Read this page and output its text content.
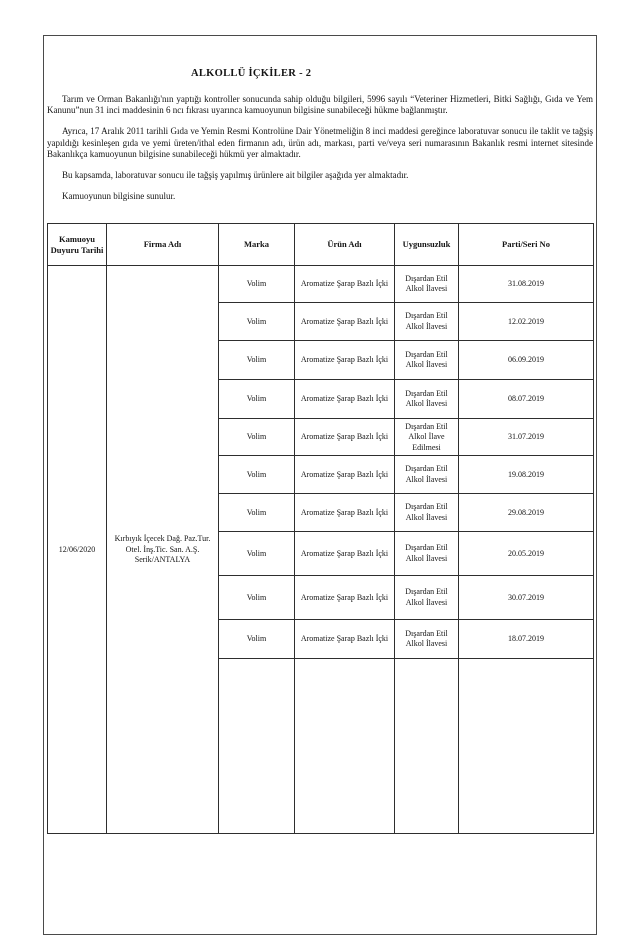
ALKOLLÜ İÇKİLER - 2

Tarım ve Orman Bakanlığı'nın yaptığı kontroller sonucunda sahip olduğu bilgileri, 5996 sayılı “Veteriner Hizmetleri, Bitki Sağlığı, Gıda ve Yem Kanunu”nun 31 inci maddesinin 6 ncı fıkrası uyarınca kamuoyunun bilgisine sunabileceği hükme bağlanmıştır.

Ayrıca, 17 Aralık 2011 tarihli Gıda ve Yemin Resmi Kontrolüne Dair Yönetmeliğin 8 inci maddesi gereğince laboratuvar sonucu ile taklit ve tağşiş yapıldığı kesinleşen gıda ve yemi üreten/ithal eden firmanın adı, ürün adı, markası, parti ve/veya seri numarasının Bakanlık resmi internet sitesinde Bakanlıkça kamuoyunun bilgisine sunabileceği hükmü yer almaktadır.

Bu kapsamda, laboratuvar sonucu ile tağşiş yapılmış ürünlere ait bilgiler aşağıda yer almaktadır.

Kamuoyunun bilgisine sunulur.

Kamuoyu Duyuru Tarihi	Firma Adı	Marka	Ürün Adı	Uygunsuzluk	Parti/Seri No
12/06/2020	Kırbıyık İçecek Dağ. Paz.Tur. Otel. İnş.Tic. San. A.Ş. Serik/ANTALYA	Volim	Aromatize Şarap Bazlı İçki	Dışardan Etil Alkol İlavesi	31.08.2019
		Volim	Aromatize Şarap Bazlı İçki	Dışardan Etil Alkol İlavesi	12.02.2019
		Volim	Aromatize Şarap Bazlı İçki	Dışardan Etil Alkol İlavesi	06.09.2019
		Volim	Aromatize Şarap Bazlı İçki	Dışardan Etil Alkol İlavesi	08.07.2019
		Volim	Aromatize Şarap Bazlı İçki	Dışardan Etil Alkol İlave Edilmesi	31.07.2019
		Volim	Aromatize Şarap Bazlı İçki	Dışardan Etil Alkol İlavesi	19.08.2019
		Volim	Aromatize Şarap Bazlı İçki	Dışardan Etil Alkol İlavesi	29.08.2019
		Volim	Aromatize Şarap Bazlı İçki	Dışardan Etil Alkol İlavesi	20.05.2019
		Volim	Aromatize Şarap Bazlı İçki	Dışardan Etil Alkol İlavesi	30.07.2019
		Volim	Aromatize Şarap Bazlı İçki	Dışardan Etil Alkol İlavesi	18.07.2019
